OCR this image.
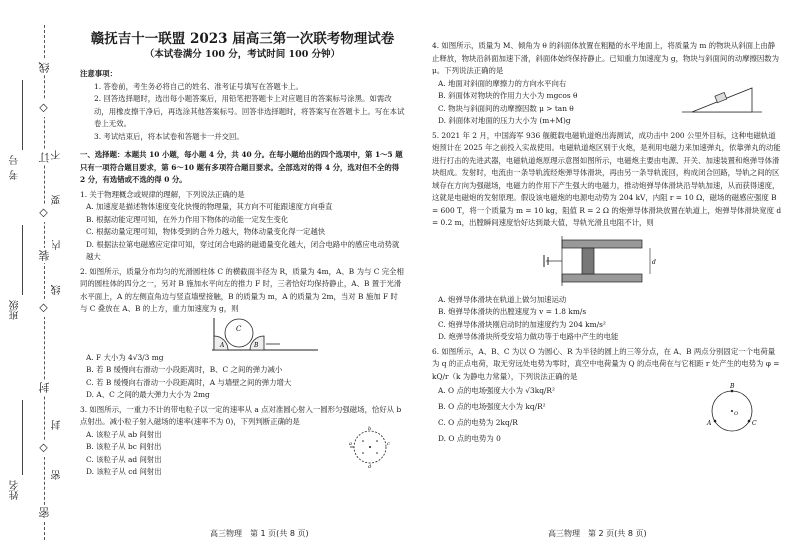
线
◇
订
◇
装
◇
封
◇
密
不
要
内
线
封
密
号
考
班级
姓名

赣抚吉十一联盟 2023 届高三第一次联考物理试卷

（本试卷满分 100 分，考试时间 100 分钟）

注意事项：

1. 答卷前，考生务必将自己的姓名、准考证号填写在答题卡上。

2. 回答选择题时，选出每小题答案后，用铅笔把答题卡上对应题目的答案标号涂黑。如需改动，用橡皮擦干净后，再选涂其他答案标号。回答非选择题时，将答案写在答题卡上。写在本试卷上无效。

3. 考试结束后，将本试卷和答题卡一并交回。

一、选择题：本题共 10 小题，每小题 4 分，共 40 分。在每小题给出的四个选项中，第 1～5 题只有一项符合题目要求，第 6～10 题有多项符合题目要求。全部选对的得 4 分，选对但不全的得 2 分，有选错或不选的得 0 分。

1. 关于物理概念或规律的理解，下列说法正确的是

A. 加速度是描述物体速度变化快慢的物理量，其方向不可能跟速度方向垂直

B. 根据动能定理可知，在外力作用下物体的动能一定发生变化

C. 根据动量定理可知，物体受到的合外力越大，物体动量变化得一定越快

D. 根据法拉第电磁感应定律可知，穿过闭合电路的磁通量变化越大，闭合电路中的感应电动势就越大

2. 如图所示，质量分布均匀的光滑圆柱体 C 的横截面半径为 R，质量为 4m，A、B 为与 C 完全相同的圆柱体的四分之一，另对 B 施加水平向左的推力 F 时，三者恰好均保持静止，A、B 置于光滑水平面上，A 的左侧直角边与竖直墙壁接触，B 的质量为 m，A 的质量为 2m，当对 B 施加 F 时与 C 叠放在 A、B 的上方，重力加速度为 g，则

C
A	B

A. F 大小为 4√3/3 mg

B. 若 B 缓慢向右滑动一小段距离时，B、C 之间的弹力减小

C. 若 B 缓慢向右滑动一小段距离时，A 与墙壁之间的弹力增大

D. A、C 之间的最大弹力大小为 2mg

3. 如图所示，一重力不计的带电粒子以一定的速率从 a 点对准圆心射入一圆形匀强磁场，恰好从 b 点射出。减小粒子射入磁场的速率(速率不为 0)，下列判断正确的是

A. 该粒子从 ab 间射出

B. 该粒子从 bc 间射出

C. 该粒子从 ad 间射出

D. 该粒子从 cd 间射出

a
b
c
d
高三物理　第 1 页(共 8 页)

4. 如图所示，质量为 M、倾角为 θ 的斜面体放置在粗糙的水平地面上，将质量为 m 的物块从斜面上由静止释放，物块沿斜面加速下滑，斜面体始终保持静止。已知重力加速度为 g，物块与斜面间的动摩擦因数为 μ。下列说法正确的是

A. 地面对斜面的摩擦力的方向水平向右

B. 斜面体对物块的作用力大小为 mgcos θ

C. 物块与斜面间的动摩擦因数 μ > tan θ

D. 斜面体对地面的压力大小为 (m+M)g

5. 2021 年 2 月，中国海军 936 舰艇载电磁轨道炮出海测试，成功击中 200 公里外目标，这种电磁轨道炮预计在 2025 年之前投入实战使用。电磁轨道炮区别于火炮，是利用电磁力来加速弹丸，依靠弹丸的动能进行打击的先进武器，电磁轨道炮原理示意图如图所示，电磁炮主要由电源、开关、加速装置和炮弹导体滑块组成。发射时，电流由一条导轨流经炮弹导体滑块，再由另一条导轨流回，构成闭合回路，导轨之间的区域存在方向为强磁场，电磁力的作用下产生强大的电磁力，推动炮弹导体滑块沿导轨加速，从而获得速度，这就是电磁炮的发射原理。假设该电磁炮的电源电动势为 204 kV，内阻 r = 10 Ω，磁场的磁感应强度 B = 600 T，将一个质量为 m = 10 kg，阻值 R = 2 Ω 的炮弹导体滑块放置在轨道上，炮弹导体滑块宽度 d = 0.2 m，出膛瞬间速度恰好达到最大值，导轨光滑且电阻不计，则

d

A. 炮弹导体滑块在轨道上做匀加速运动

B. 炮弹导体滑块的出膛速度为 v = 1.8 km/s

C. 炮弹导体滑块刚启动时的加速度约为 204 km/s²

D. 炮弹导体滑块所受安培力做功等于电路中产生的电能

6. 如图所示，A、B、C 为以 O 为圆心、R 为半径的圆上的三等分点，在 A、B 两点分别固定一个电荷量为 q 的正点电荷，取无穷远处电势为零时，真空中电荷量为 Q 的点电荷在与它相距 r 处产生的电势为 φ = kQ/r（k 为静电力常量），下列说法正确的是

A. O 点的电场强度大小为 √3kq/R²

B. O 点的电场强度大小为 kq/R²

C. O 点的电势为 2kq/R

D. O 点的电势为 0

B
A	C
O
高三物理　第 2 页(共 8 页)
